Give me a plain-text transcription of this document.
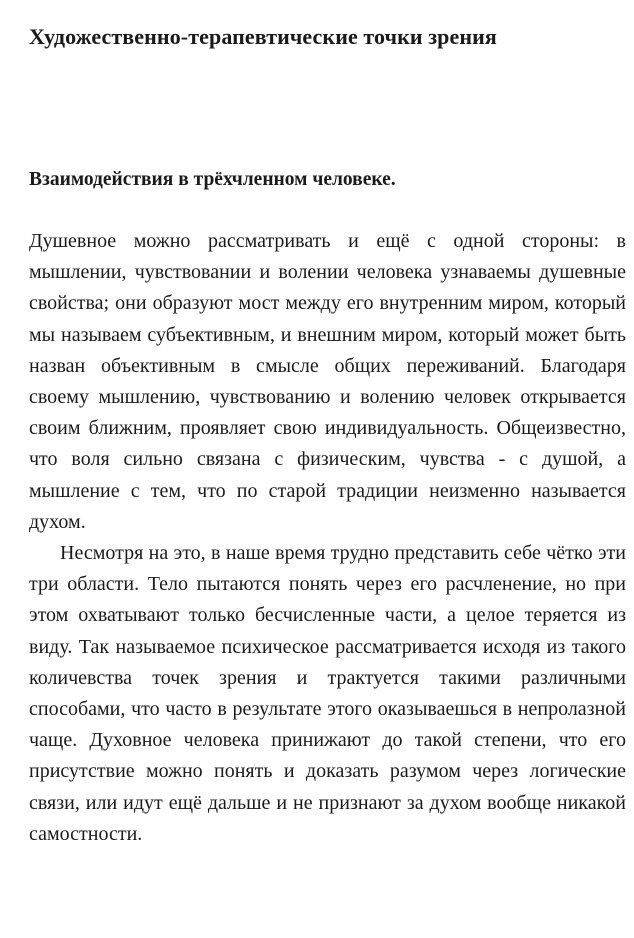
Художественно-терапевтические точки зрения
Взаимодействия в трёхчленном человеке.

Душевное можно рассматривать и ещё с одной стороны: в мышлении, чувствовании и волении человека узнаваемы душевные свойства; они образуют мост между его внутренним миром, который мы называем субъективным, и внешним миром, который может быть назван объективным в смысле общих переживаний. Благодаря своему мышлению, чувствованию и волению человек открывается своим ближним, проявляет свою индивидуальность. Общеизвестно, что воля сильно связана с физическим, чувства - с душой, а мышление с тем, что по старой традиции неизменно называется духом.

Несмотря на это, в наше время трудно представить себе чётко эти три области. Тело пытаются понять через его расчленение, но при этом охватывают только бесчисленные части, а целое теряется из виду. Так называемое психическое рассматривается исходя из такого количевства точек зрения и трактуется такими различными способами, что часто в результате этого оказываешься в непролазной чаще. Духовное человека принижают до такой степени, что его присутствие можно понять и доказать разумом через логические связи, или идут ещё дальше и не признают за духом вообще никакой самостности.
